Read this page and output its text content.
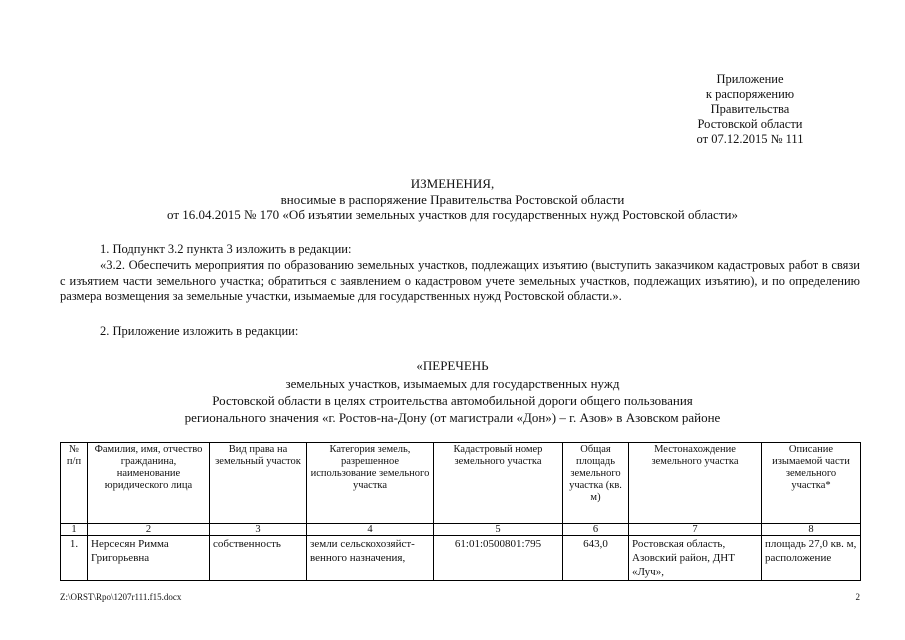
Приложение
к распоряжению
Правительства
Ростовской области
от 07.12.2015 № 111
ИЗМЕНЕНИЯ,
вносимые в распоряжение Правительства Ростовской области
от 16.04.2015 № 170 «Об изъятии земельных участков для государственных нужд Ростовской области»
1. Подпункт 3.2 пункта 3 изложить в редакции:
«3.2. Обеспечить мероприятия по образованию земельных участков, подлежащих изъятию (выступить заказчиком кадастровых работ в связи с изъятием части земельного участка; обратиться с заявлением о кадастровом учете земельных участков, подлежащих изъятию), и по определению размера возмещения за земельные участки, изымаемые для государственных нужд Ростовской области.».
2. Приложение изложить в редакции:
«ПЕРЕЧЕНЬ
земельных участков, изымаемых для государственных нужд
Ростовской области в целях строительства автомобильной дороги общего пользования
регионального значения «г. Ростов-на-Дону (от магистрали «Дон») – г. Азов» в Азовском районе
№ п/п	Фамилия, имя, отчество гражданина, наименование юридического лица	Вид права на земельный участок	Категория земель, разрешенное использование земельного участка	Кадастровый номер земельного участка	Общая площадь земельного участка (кв. м)	Местонахождение земельного участка	Описание изымаемой части земельного участка*
1	2	3	4	5	6	7	8
1.	Нерсесян Римма Григорьевна	собственность	земли сельскохозяйст-венного назначения,	61:01:0500801:795	643,0	Ростовская область, Азовский район, ДНТ «Луч»,	площадь 27,0 кв. м, расположение
Z:\ORST\Rpo\1207r111.f15.docx	2
